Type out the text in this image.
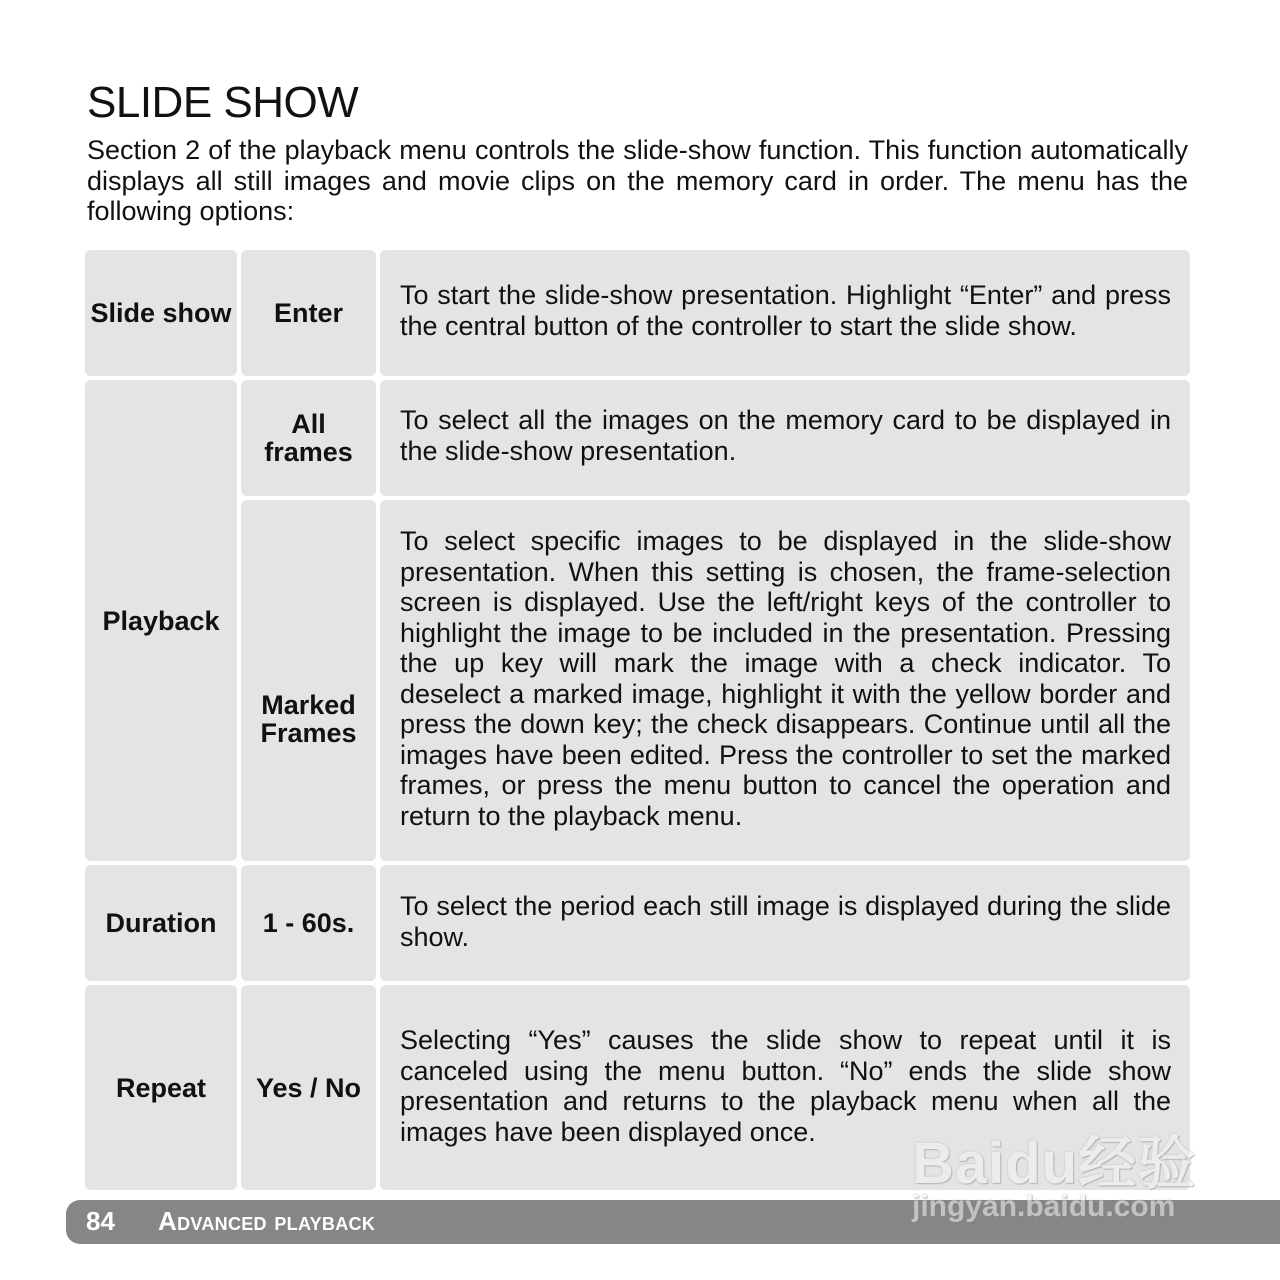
SLIDE SHOW

Section 2 of the playback menu controls the slide-show function. This function automatically displays all still images and movie clips on the memory card in order. The menu has the following options:

Slide show Enter
To start the slide-show presentation. Highlight “Enter” and press the central button of the controller to start the slide show.
Playback
All frames
To select all the images on the memory card to be displayed in the slide-show presentation.
Marked Frames
To select specific images to be displayed in the slide-show presentation. When this setting is chosen, the frame-selection screen is displayed. Use the left/right keys of the controller to highlight the image to be included in the presentation. Pressing the up key will mark the image with a check indicator. To deselect a marked image, highlight it with the yellow border and press the down key; the check disappears. Continue until all the images have been edited. Press the controller to set the marked frames, or press the menu button to cancel the operation and return to the playback menu.
Duration 1 - 60s.
To select the period each still image is displayed during the slide show.
Repeat Yes / No
Selecting “Yes” causes the slide show to repeat until it is canceled using the menu button. “No” ends the slide show presentation and returns to the playback menu when all the images have been displayed once.
84 Advanced playback
Baidu经验
jingyan.baidu.com
